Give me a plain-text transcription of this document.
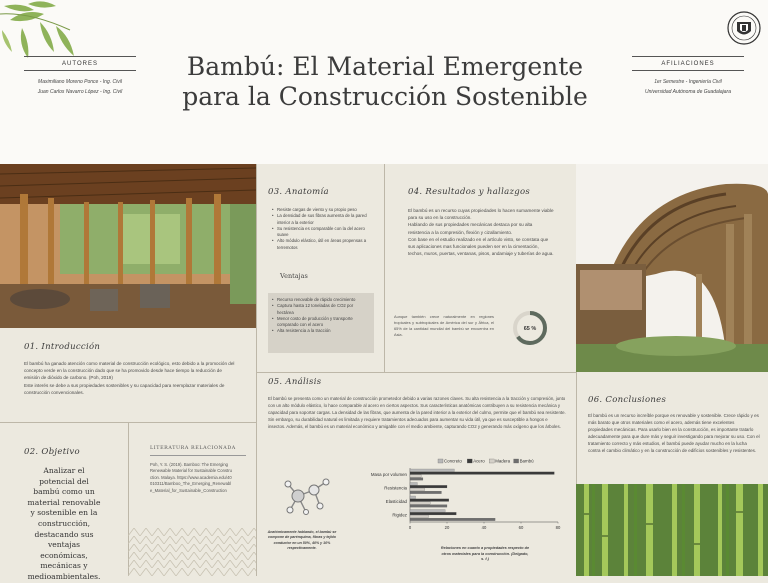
AUTORES
Maximiliano Moreno Ponce - Ing. Civil
Juan Carlos Navarro López - Ing. Civil
Bambú: El Material Emergente
para la Construcción Sostenible
AFILIACIONES
1er Semestre - Ingeniería Civil
Universidad Autónoma de Guadalajara
01. Introducción
El bambú ha ganado atención como material de construcción ecológico, esto debido a la promoción del concepto verde en la construcción dado que se ha promovido desde hace tiempo la reducción de emisión de dióxido de carbono. (Poh, 2019)
Este interés se debe a sus propiedades sostenibles y su capacidad para reemplazar materiales de construcción convencionales.
02. Objetivo
Analizar el potencial del bambú como un material renovable y sostenible en la construcción, destacando sus ventajas económicas, mecánicas y medioambientales.
LITERATURA RELACIONADA
Poh, Y. S. (2019). Bamboo: The Emerging Renewable Material for Sustainable Construction. Malaya. https://www.academia.edu/40010311/Bamboo_The_Emerging_Renewable_Material_for_Sustainable_Construction
03. Anatomía
• Resiste cargas de viento y su propio peso
• La densidad de sus fibras aumenta de la pared interior a la exterior
• Su resistencia es comparable con la del acero suave
• Alto módulo elástico, útil en áreas propensas a terremotos
Ventajas
• Recurso renovable de rápido crecimiento
• Captura hasta 12 toneladas de CO2 por hectárea
• Menor costo de producción y transporte comparado con el acero
• Alta resistencia a la tracción
04. Resultados y hallazgos
El bambú es un recurso cuyas propiedades lo hacen sumamente viable para su uso en la construcción.
Hablando de sus propiedades mecánicas destaca por su alta resistencia a la compresión, flexión y cizallamiento.
Con base en el estudio realizado en el artículo visto, se constata que sus aplicaciones mas funcionales pueden ser en la cimentación, techos, muros, puertas, ventanas, pisos, andamiaje y tuberías de agua.
Aunque también crece naturalmente en regiones tropicales y subtropicales de América del sur y África, el 65% de la cantidad mundial del bambú se encuentra en Asia.
65 %
05. Análisis
El bambú se presenta como un material de construcción prometedor debido a varias razones claves. Su alta resistencia a la tracción y compresión, junto con un alto módulo elástico, lo hace comparable al acero en ciertos aspectos. Sus características anatómicas contribuyen a su resistencia mecánica y capacidad para soportar cargas. La densidad de las fibras, que aumenta de la pared interior a la exterior del culmo, permite que el bambú sea resistente. Sin embargo, su durabilidad natural es limitada y requiere tratamientos adecuados para aumentar su vida útil, ya que es susceptible a hongos e insectos. Además, el bambú es un material económico y amigable con el medio ambiente, capturando CO2 y generando más oxígeno que los árboles.
Anatómicamente hablando, el bambú se compone de parénquima, fibras y tejido conductor en un 50%, 40% y 10% respectivamente.
Concreto	Acero Madera Bambú
0	20	40	60	80
Masa por volumen
Resistencia
Elasticidad
Rigidez
Relaciones en cuanto a propiedades respecto de otros materiales para la construcción. (Delgado, s. f.)
06. Conclusiones
El bambú es un recurso increíble porque es renovable y sostenible. Crece rápido y es más barato que otros materiales como el acero, además tiene excelentes propiedades mecánicas. Para usarlo bien en la construcción, es importante tratarlo adecuadamente para que dure más y seguir investigando para mejorar su uso. Con el tratamiento correcto y más estudios, el bambú puede ayudar mucho en la lucha contra el cambio climático y en la construcción de edificios sostenibles y resistentes.
